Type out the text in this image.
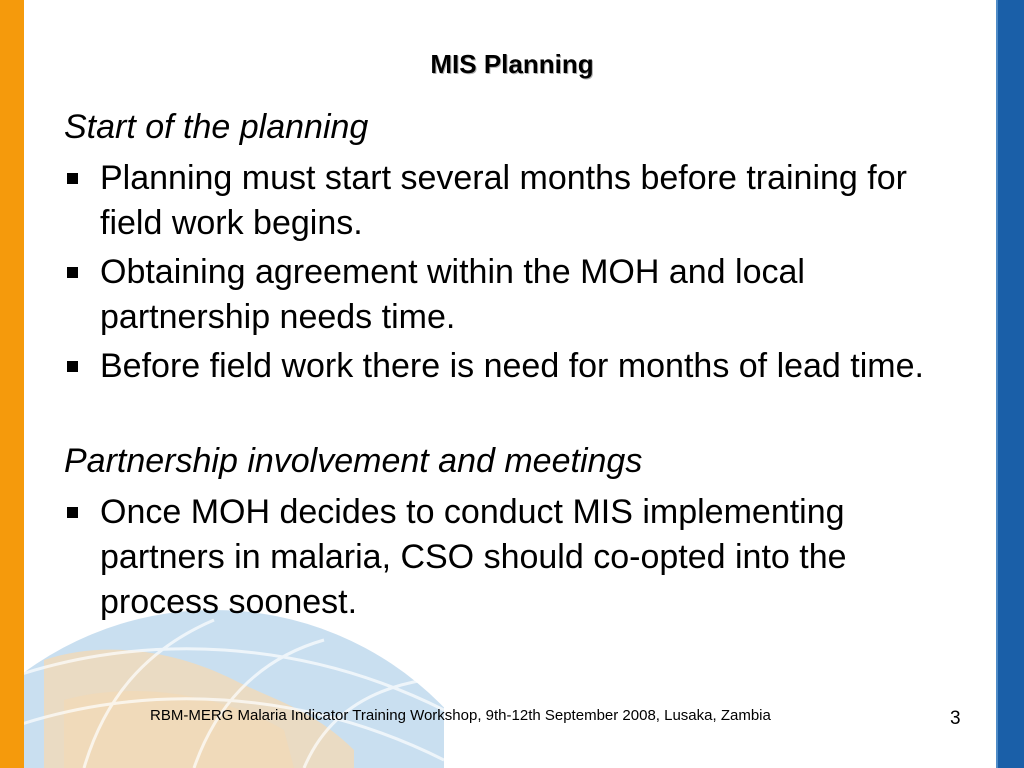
MIS Planning

Start of the planning

Planning must start several months before training for field work begins.
Obtaining agreement within the MOH and local partnership needs time.
Before field work there is need for months of lead time.

Partnership involvement and meetings

Once MOH decides to conduct MIS implementing partners in malaria, CSO should co-opted into the process soonest.
RBM-MERG Malaria Indicator Training Workshop, 9th-12th September 2008, Lusaka, Zambia	3
